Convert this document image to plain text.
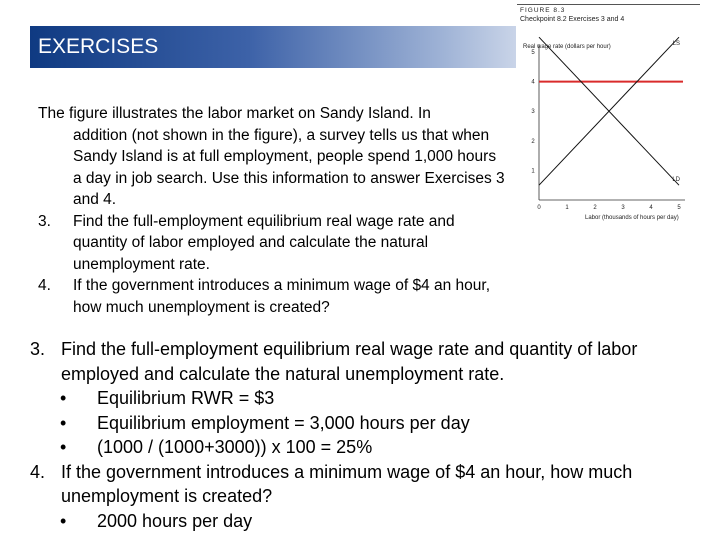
EXERCISES
The figure illustrates the labor market on Sandy Island. In
addition (not shown in the figure), a survey tells us that when Sandy Island is at full employment, people spend 1,000 hours a day in job search. Use this information to answer Exercises 3 and 4.
3.	Find the full-employment equilibrium real wage rate and quantity of labor employed and calculate the natural unemployment rate.
4.	If the government introduces a minimum wage of $4 an hour, how much unemployment is created?
FIGURE 8.3
Checkpoint 8.2 Exercises 3 and 4
Real wage rate (dollars per hour)
Labor (thousands of hours per day)
0	1	2	3	4	5
1
2
3
4
5
LS
LD
3. Find the full-employment equilibrium real wage rate and quantity of labor employed and calculate the natural unemployment rate.
• Equilibrium RWR = $3
• Equilibrium employment = 3,000 hours per day
• (1000 / (1000+3000)) x 100 = 25%
4. If the government introduces a minimum wage of $4 an hour, how much unemployment is created?
• 2000 hours per day
